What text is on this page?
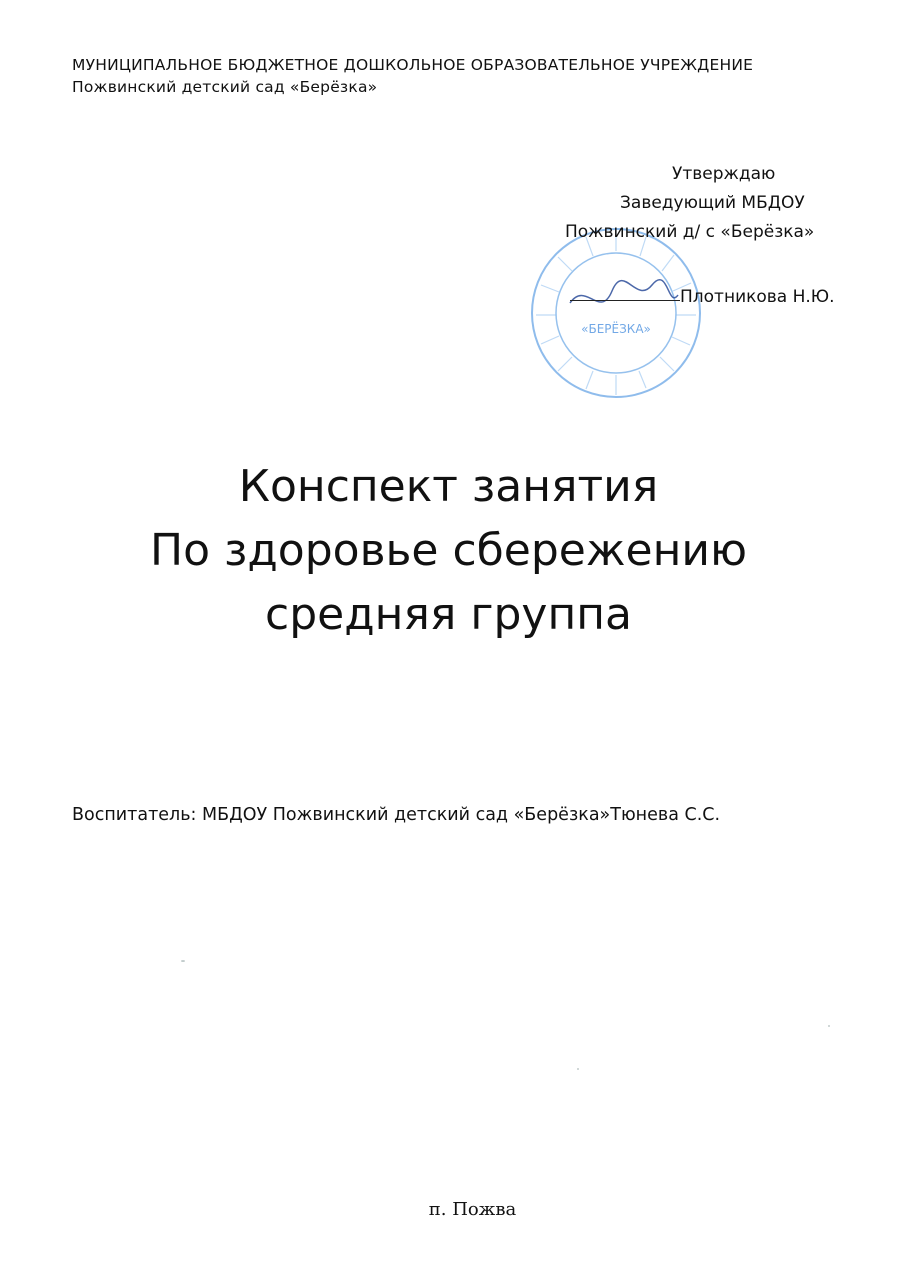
МУНИЦИПАЛЬНОЕ БЮДЖЕТНОЕ ДОШКОЛЬНОЕ ОБРАЗОВАТЕЛЬНОЕ УЧРЕЖДЕНИЕ
Пожвинский детский сад «Берёзка»
«БЕРЁЗКА»
Утверждаю
Заведующий МБДОУ
Пожвинский д/ с «Берёзка»
Плотникова Н.Ю.
Конспект занятия
По здоровье сбережению
средняя группа
Воспитатель: МБДОУ Пожвинский детский сад «Берёзка»Тюнева С.С.
п. Пожва
